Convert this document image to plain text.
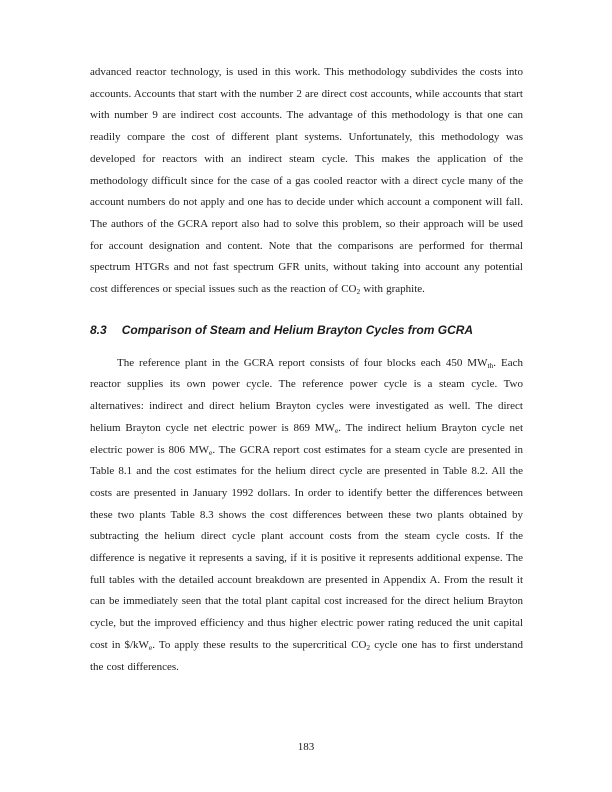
advanced reactor technology, is used in this work. This methodology subdivides the costs into accounts. Accounts that start with the number 2 are direct cost accounts, while accounts that start with number 9 are indirect cost accounts. The advantage of this methodology is that one can readily compare the cost of different plant systems. Unfortunately, this methodology was developed for reactors with an indirect steam cycle. This makes the application of the methodology difficult since for the case of a gas cooled reactor with a direct cycle many of the account numbers do not apply and one has to decide under which account a component will fall. The authors of the GCRA report also had to solve this problem, so their approach will be used for account designation and content. Note that the comparisons are performed for thermal spectrum HTGRs and not fast spectrum GFR units, without taking into account any potential cost differences or special issues such as the reaction of $CO_2$ with graphite.

8.3 Comparison of Steam and Helium Brayton Cycles from GCRA

The reference plant in the GCRA report consists of four blocks each 450 $MW_{th}$. Each reactor supplies its own power cycle. The reference power cycle is a steam cycle. Two alternatives: indirect and direct helium Brayton cycles were investigated as well. The direct helium Brayton cycle net electric power is 869 $MW_e$. The indirect helium Brayton cycle net electric power is 806 $MW_e$. The GCRA report cost estimates for a steam cycle are presented in Table 8.1 and the cost estimates for the helium direct cycle are presented in Table 8.2. All the costs are presented in January 1992 dollars. In order to identify better the differences between these two plants Table 8.3 shows the cost differences between these two plants obtained by subtracting the helium direct cycle plant account costs from the steam cycle costs. If the difference is negative it represents a saving, if it is positive it represents additional expense. The full tables with the detailed account breakdown are presented in Appendix A. From the result it can be immediately seen that the total plant capital cost increased for the direct helium Brayton cycle, but the improved efficiency and thus higher electric power rating reduced the unit capital cost in $\$/kW_e$. To apply these results to the supercritical $CO_2$ cycle one has to first understand the cost differences.

183
